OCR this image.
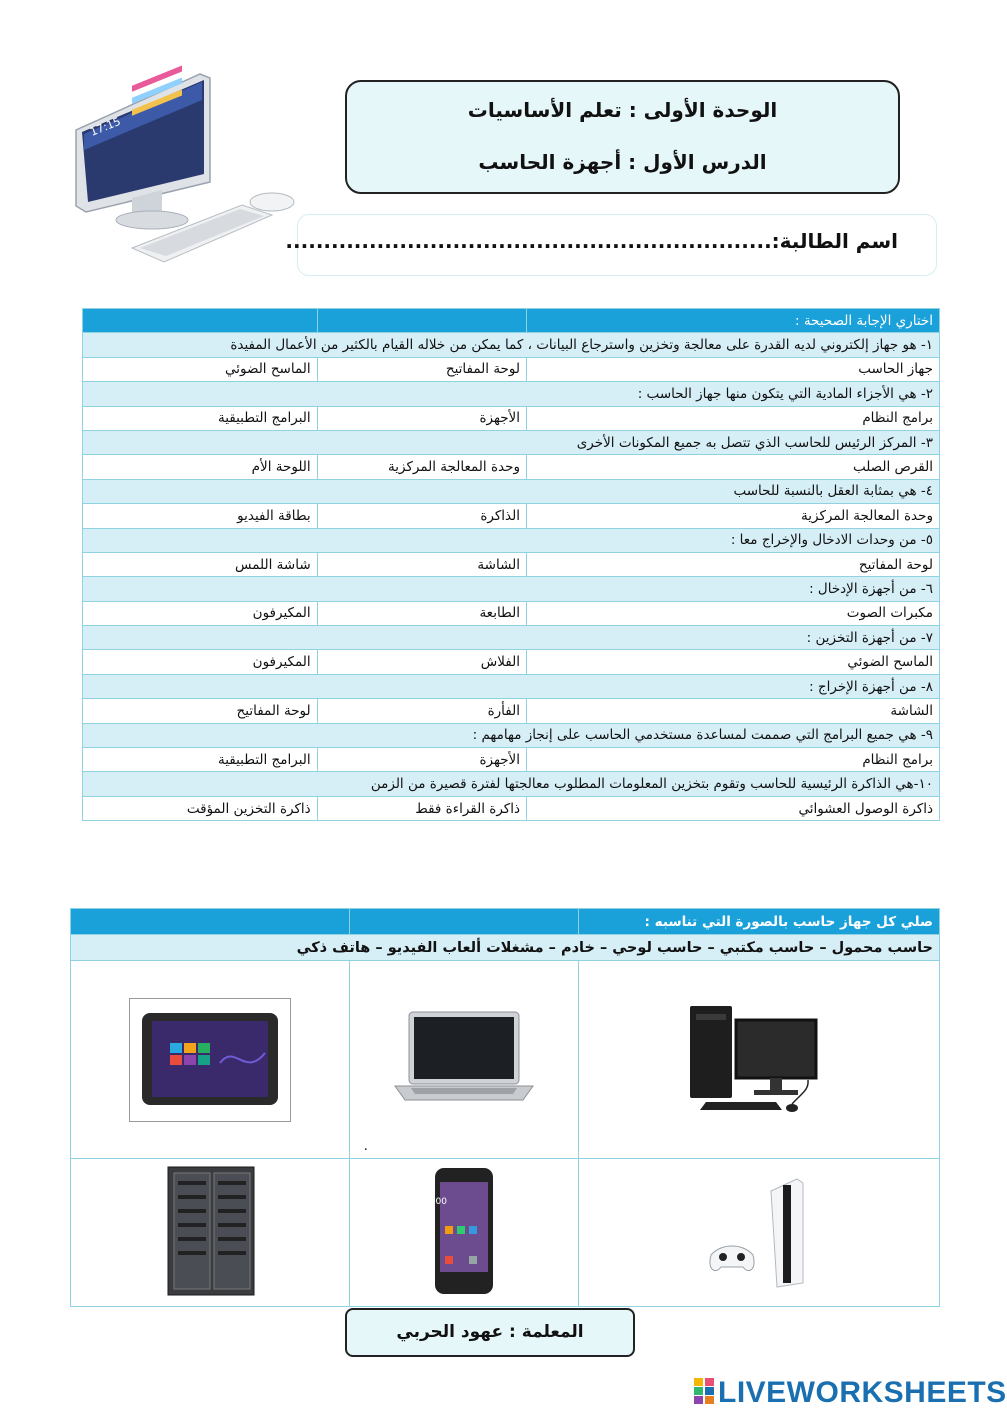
17:15
الوحدة الأولى : تعلم الأساسيات
الدرس الأول : أجهزة الحاسب
اسم الطالبة:................................................................
اختاري الإجابة الصحيحة :		
١- هو جهاز إلكتروني لديه القدرة على معالجة وتخزين واسترجاع البيانات ، كما يمكن من خلاله القيام بالكثير من الأعمال المفيدة		
جهاز الحاسب	لوحة المفاتيح	الماسح الضوئي
٢- هي الأجزاء المادية التي يتكون منها جهاز الحاسب :		
برامج النظام	الأجهزة	البرامج التطبيقية
٣- المركز الرئيس للحاسب الذي تتصل به جميع المكونات الأخرى		
القرص الصلب	وحدة المعالجة المركزية	اللوحة الأم
٤- هي بمثابة العقل بالنسبة للحاسب		
وحدة المعالجة المركزية	الذاكرة	بطاقة الفيديو
٥- من وحدات الادخال والإخراج معا :		
لوحة المفاتيح	الشاشة	شاشة اللمس
٦- من أجهزة الإدخال :		
مكبرات الصوت	الطابعة	المكيرفون
٧- من أجهزة التخزين :		
الماسح الضوئي	الفلاش	المكيرفون
٨- من أجهزة الإخراج :		
الشاشة	الفأرة	لوحة المفاتيح
٩- هي جميع البرامج التي صممت لمساعدة مستخدمي الحاسب على إنجاز مهامهم :		
برامج النظام	الأجهزة	البرامج التطبيقية
١٠-هي الذاكرة الرئيسية للحاسب وتقوم بتخزين المعلومات المطلوب معالجتها لفترة قصيرة من الزمن		
ذاكرة الوصول العشوائي	ذاكرة القراءة فقط	ذاكرة التخزين المؤقت
صلي كل جهاز حاسب بالصورة التي تناسبه :		
حاسب محمول – حاسب مكتبي – حاسب لوحي – خادم – مشغلات ألعاب الفيديو – هاتف ذكي		

.

8:00

المعلمة : عهود الحربي
LIVEWORKSHEETS
